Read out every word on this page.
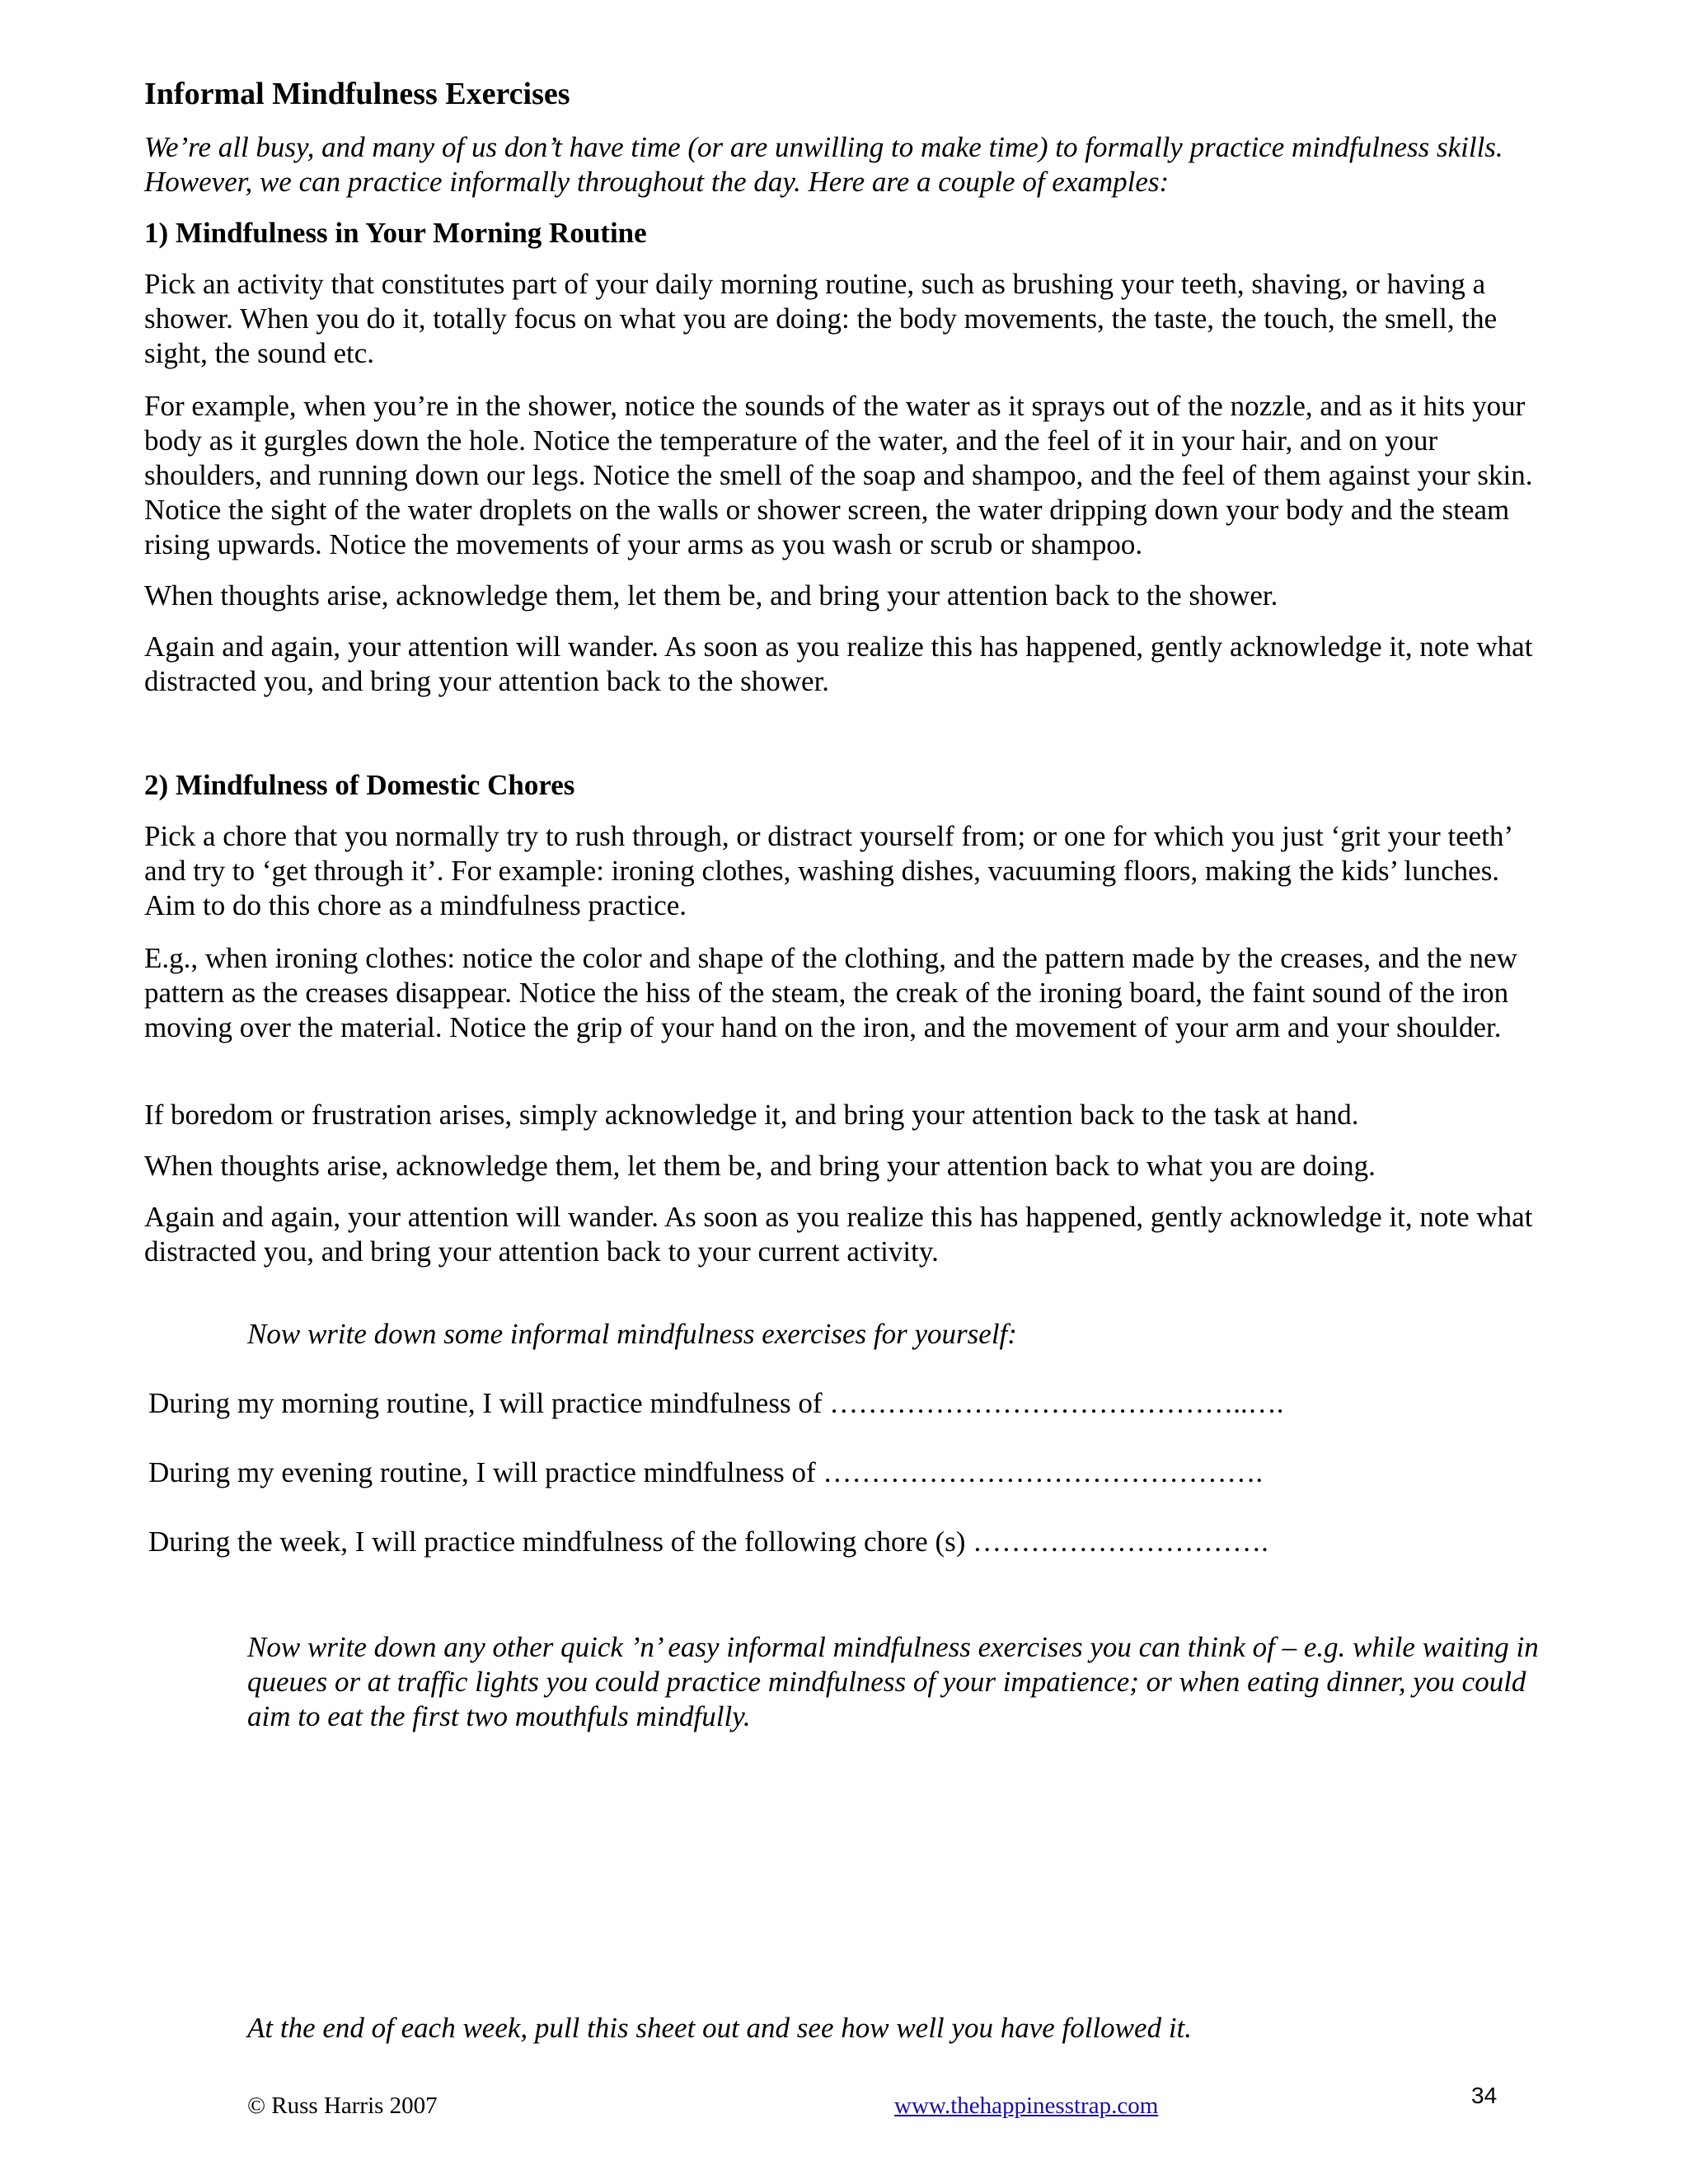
Informal Mindfulness Exercises

We’re all busy, and many of us don’t have time (or are unwilling to make time) to formally practice mindfulness skills. However, we can practice informally throughout the day. Here are a couple of examples:

1) Mindfulness in Your Morning Routine

Pick an activity that constitutes part of your daily morning routine, such as brushing your teeth, shaving, or having a shower. When you do it, totally focus on what you are doing: the body movements, the taste, the touch, the smell, the sight, the sound etc.

For example, when you’re in the shower, notice the sounds of the water as it sprays out of the nozzle, and as it hits your body as it gurgles down the hole. Notice the temperature of the water, and the feel of it in your hair, and on your shoulders, and running down our legs. Notice the smell of the soap and shampoo, and the feel of them against your skin. Notice the sight of the water droplets on the walls or shower screen, the water dripping down your body and the steam rising upwards. Notice the movements of your arms as you wash or scrub or shampoo.

When thoughts arise, acknowledge them, let them be, and bring your attention back to the shower.

Again and again, your attention will wander. As soon as you realize this has happened, gently acknowledge it, note what distracted you, and bring your attention back to the shower.

2) Mindfulness of Domestic Chores

Pick a chore that you normally try to rush through, or distract yourself from; or one for which you just ‘grit your teeth’ and try to ‘get through it’. For example: ironing clothes, washing dishes, vacuuming floors, making the kids’ lunches. Aim to do this chore as a mindfulness practice.

E.g., when ironing clothes: notice the color and shape of the clothing, and the pattern made by the creases, and the new pattern as the creases disappear. Notice the hiss of the steam, the creak of the ironing board, the faint sound of the iron moving over the material. Notice the grip of your hand on the iron, and the movement of your arm and your shoulder.

If boredom or frustration arises, simply acknowledge it, and bring your attention back to the task at hand.

When thoughts arise, acknowledge them, let them be, and bring your attention back to what you are doing.

Again and again, your attention will wander. As soon as you realize this has happened, gently acknowledge it, note what distracted you, and bring your attention back to your current activity.

Now write down some informal mindfulness exercises for yourself:

During my morning routine, I will practice mindfulness of ……………………………………..….

During my evening routine, I will practice mindfulness of ……………………………………….

During the week, I will practice mindfulness of the following chore (s) ………………………….

Now write down any other quick ’n’ easy informal mindfulness exercises you can think of – e.g. while waiting in queues or at traffic lights you could practice mindfulness of your impatience; or when eating dinner, you could aim to eat the first two mouthfuls mindfully.

At the end of each week, pull this sheet out and see how well you have followed it.

© Russ Harris 2007	www.thehappinesstrap.com	34
